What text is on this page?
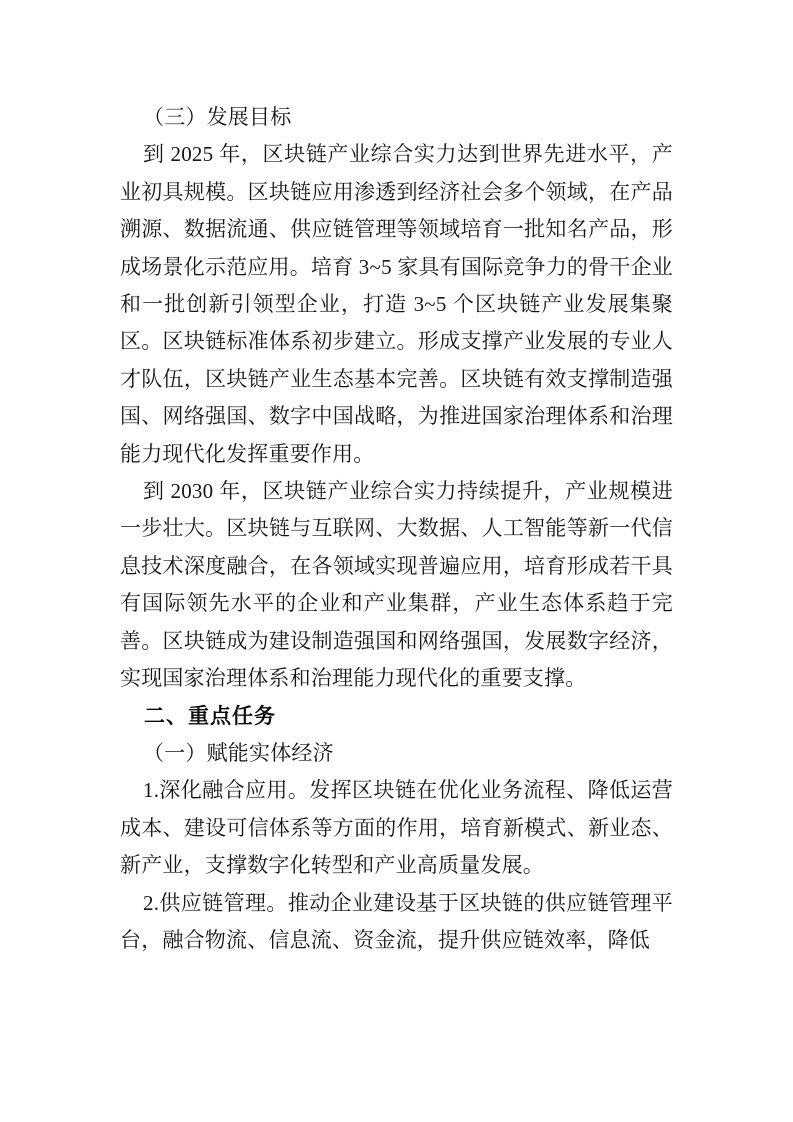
（三）发展目标

到 2025 年，区块链产业综合实力达到世界先进水平，产业初具规模。区块链应用渗透到经济社会多个领域，在产品溯源、数据流通、供应链管理等领域培育一批知名产品，形成场景化示范应用。培育 3~5 家具有国际竞争力的骨干企业和一批创新引领型企业，打造 3~5 个区块链产业发展集聚区。区块链标准体系初步建立。形成支撑产业发展的专业人才队伍，区块链产业生态基本完善。区块链有效支撑制造强国、网络强国、数字中国战略，为推进国家治理体系和治理能力现代化发挥重要作用。

到 2030 年，区块链产业综合实力持续提升，产业规模进一步壮大。区块链与互联网、大数据、人工智能等新一代信息技术深度融合，在各领域实现普遍应用，培育形成若干具有国际领先水平的企业和产业集群，产业生态体系趋于完善。区块链成为建设制造强国和网络强国，发展数字经济，实现国家治理体系和治理能力现代化的重要支撑。

二、重点任务

（一）赋能实体经济

1.深化融合应用。发挥区块链在优化业务流程、降低运营成本、建设可信体系等方面的作用，培育新模式、新业态、新产业，支撑数字化转型和产业高质量发展。

2.供应链管理。推动企业建设基于区块链的供应链管理平台，融合物流、信息流、资金流，提升供应链效率，降低
